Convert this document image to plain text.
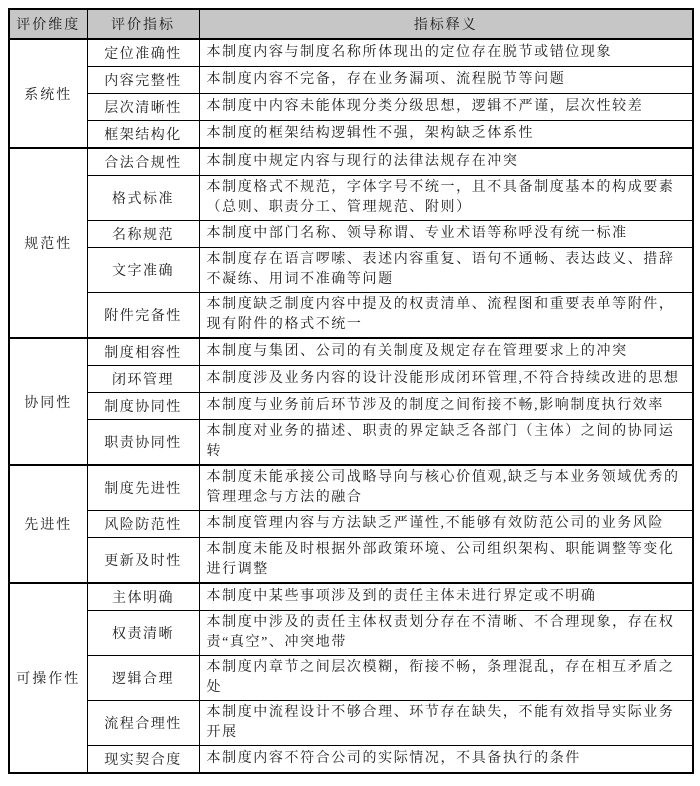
评价维度	评价指标	指标释义
系统性	定位准确性	本制度内容与制度名称所体现出的定位存在脱节或错位现象
	内容完整性	本制度内容不完备，存在业务漏项、流程脱节等问题
	层次清晰性	本制度中内容未能体现分类分级思想，逻辑不严谨，层次性较差
	框架结构化	本制度的框架结构逻辑性不强，架构缺乏体系性
规范性	合法合规性	本制度中规定内容与现行的法律法规存在冲突
	格式标准	本制度格式不规范，字体字号不统一，且不具备制度基本的构成要素（总则、职责分工、管理规范、附则）
	名称规范	本制度中部门名称、领导称谓、专业术语等称呼没有统一标准
	文字准确	本制度存在语言啰嗦、表述内容重复、语句不通畅、表达歧义、措辞不凝练、用词不准确等问题
	附件完备性	本制度缺乏制度内容中提及的权责清单、流程图和重要表单等附件，现有附件的格式不统一
协同性	制度相容性	本制度与集团、公司的有关制度及规定存在管理要求上的冲突
	闭环管理	本制度涉及业务内容的设计没能形成闭环管理,不符合持续改进的思想
	制度协同性	本制度与业务前后环节涉及的制度之间衔接不畅,影响制度执行效率
	职责协同性	本制度对业务的描述、职责的界定缺乏各部门（主体）之间的协同运转
先进性	制度先进性	本制度未能承接公司战略导向与核心价值观,缺乏与本业务领域优秀的管理理念与方法的融合
	风险防范性	本制度管理内容与方法缺乏严谨性,不能够有效防范公司的业务风险
	更新及时性	本制度未能及时根据外部政策环境、公司组织架构、职能调整等变化进行调整
可操作性	主体明确	本制度中某些事项涉及到的责任主体未进行界定或不明确
	权责清晰	本制度中涉及的责任主体权责划分存在不清晰、不合理现象，存在权责“真空”、冲突地带
	逻辑合理	本制度内章节之间层次模糊，衔接不畅，条理混乱，存在相互矛盾之处
	流程合理性	本制度中流程设计不够合理、环节存在缺失，不能有效指导实际业务开展
	现实契合度	本制度内容不符合公司的实际情况，不具备执行的条件
